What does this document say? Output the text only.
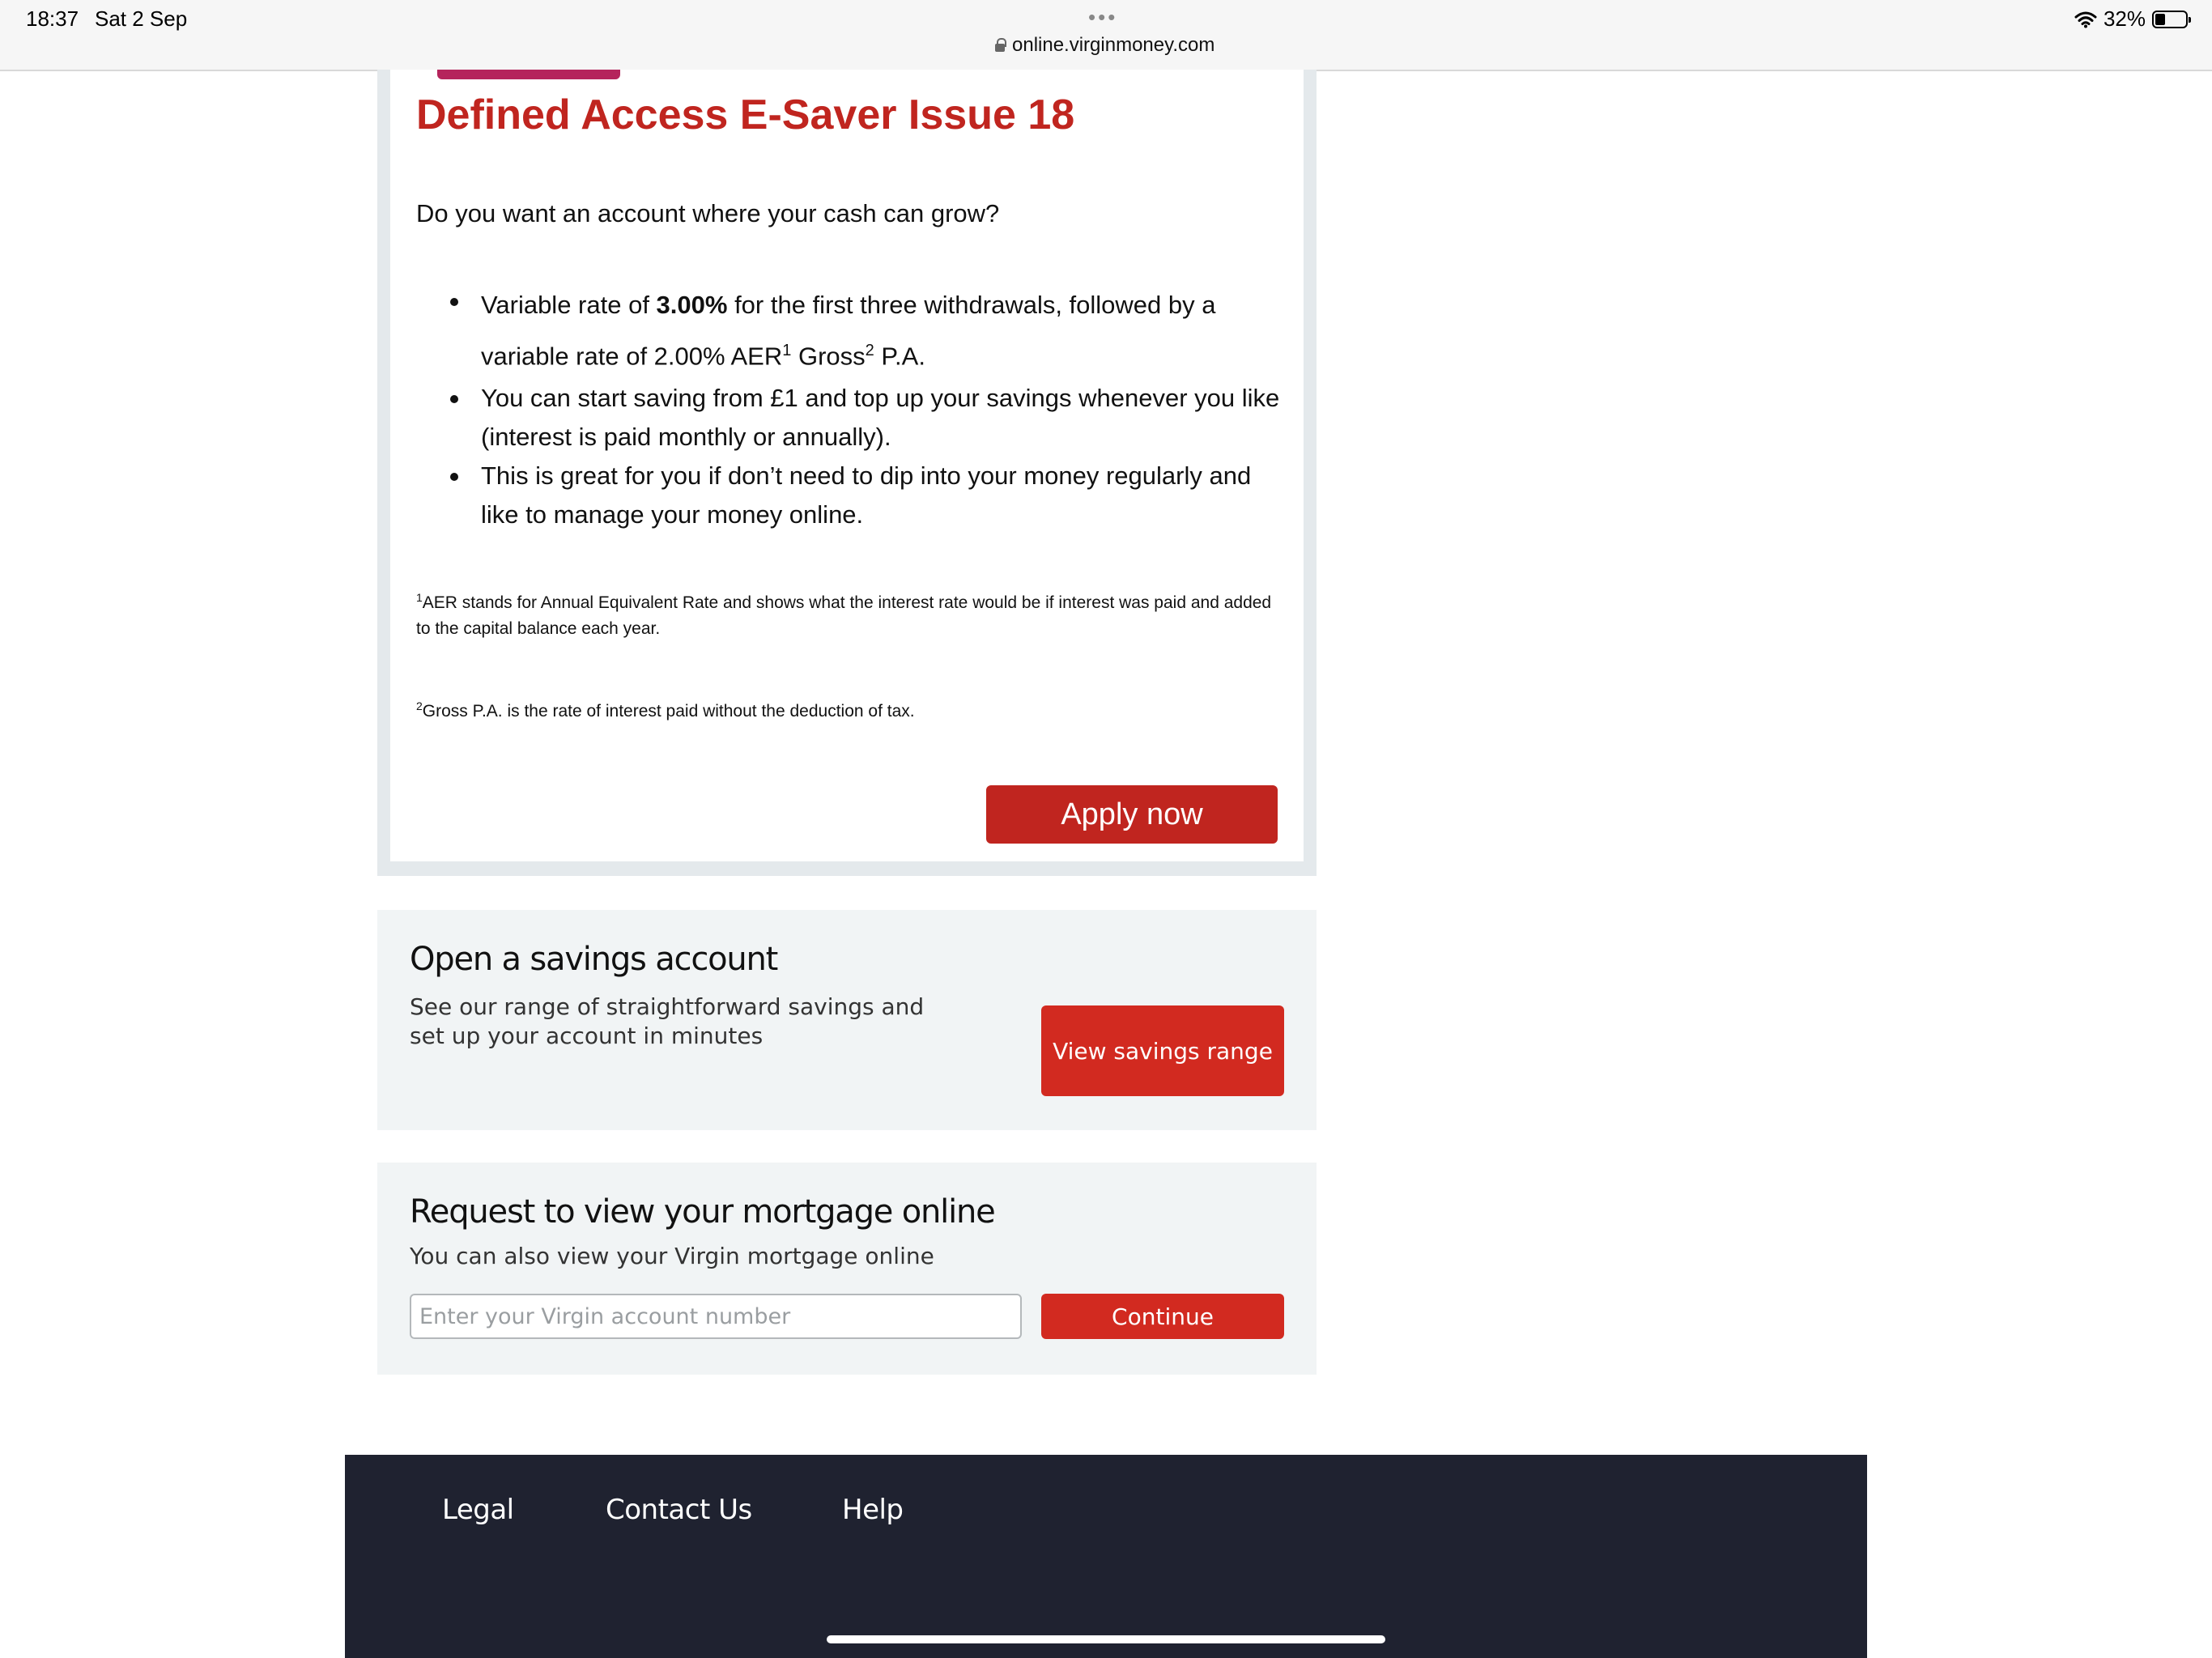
18:37 Sat 2 Sep	•••
online.virginmoney.com
32%
Defined Access E-Saver Issue 18
Do you want an account where your cash can grow?
Variable rate of 3.00% for the first three withdrawals, followed by a variable rate of 2.00% AER$^1$ Gross$^2$ P.A.
You can start saving from £1 and top up your savings whenever you like (interest is paid monthly or annually).
This is great for you if don’t need to dip into your money regularly and like to manage your money online.
$^1$AER stands for Annual Equivalent Rate and shows what the interest rate would be if interest was paid and added to the capital balance each year.
$^2$Gross P.A. is the rate of interest paid without the deduction of tax.
Apply now
Open a savings account
See our range of straightforward savings and set up your account in minutes
View savings range
Request to view your mortgage online
You can also view your Virgin mortgage online
Enter your Virgin account number
Continue
Legal	Contact Us	Help
